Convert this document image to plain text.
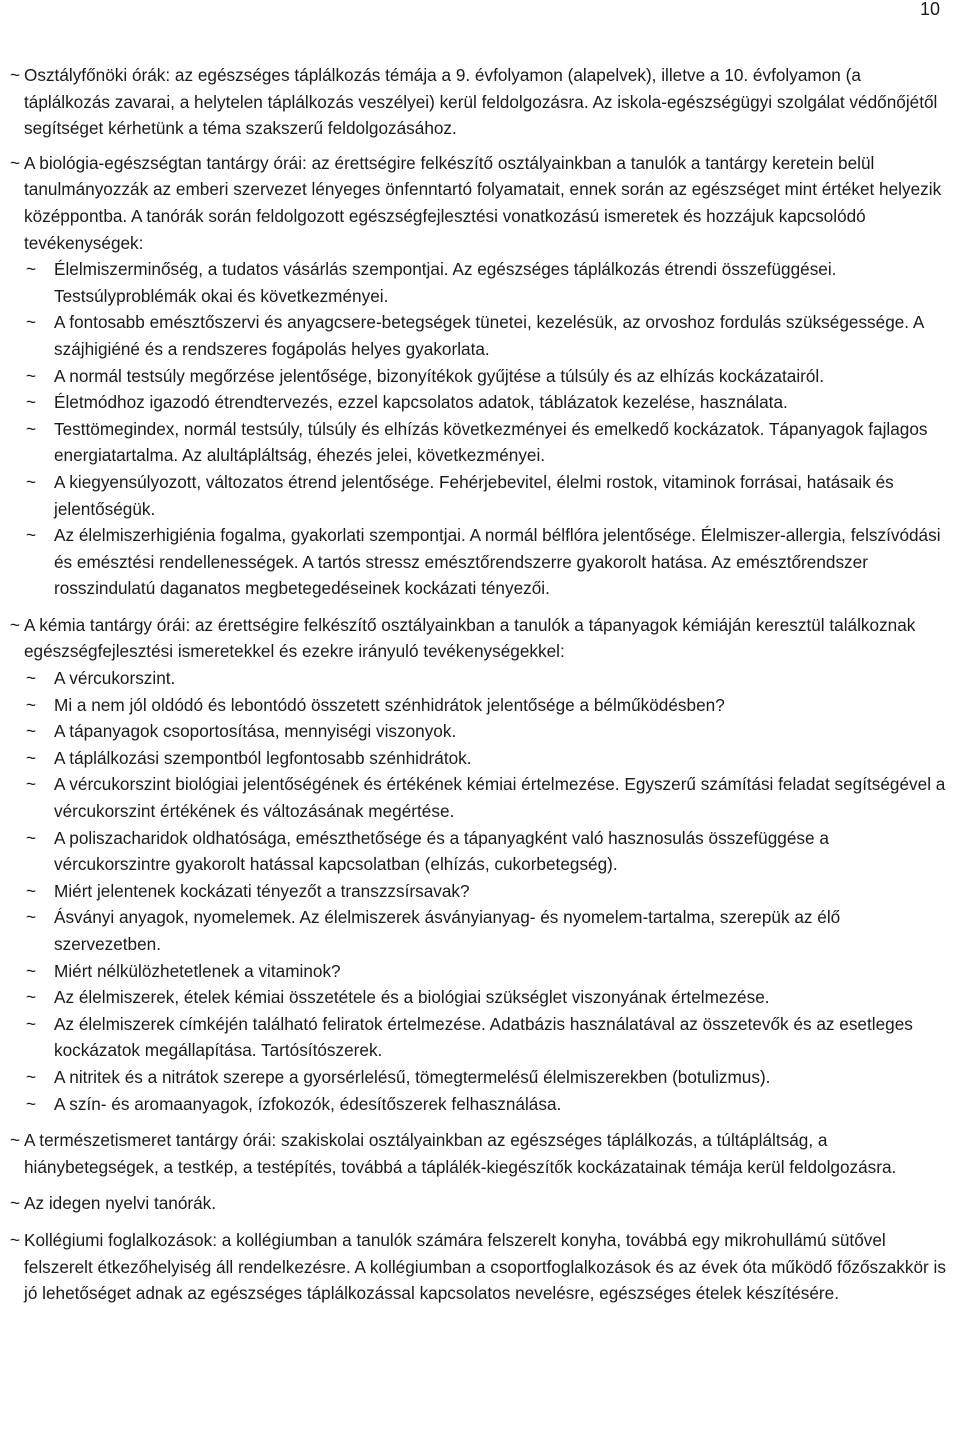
10
~ Osztályfőnöki órák: az egészséges táplálkozás témája a 9. évfolyamon (alapelvek), illetve a 10. évfolyamon (a táplálkozás zavarai, a helytelen táplálkozás veszélyei) kerül feldolgozásra. Az iskola-egészségügyi szolgálat védőnőjétől segítséget kérhetünk a téma szakszerű feldolgozásához.
~ A biológia-egészségtan tantárgy órái: az érettségire felkészítő osztályainkban a tanulók a tantárgy keretein belül tanulmányozzák az emberi szervezet lényeges önfenntartó folyamatait, ennek során az egészséget mint értéket helyezik középpontba. A tanórák során feldolgozott egészségfejlesztési vonatkozású ismeretek és hozzájuk kapcsolódó tevékenységek:
~ Élelmiszerminőség, a tudatos vásárlás szempontjai. Az egészséges táplálkozás étrendi összefüggései. Testsúlyproblémák okai és következményei.
~ A fontosabb emésztőszervi és anyagcsere-betegségek tünetei, kezelésük, az orvoshoz fordulás szükségessége. A szájhigiéné és a rendszeres fogápolás helyes gyakorlata.
~ A normál testsúly megőrzése jelentősége, bizonyítékok gyűjtése a túlsúly és az elhízás kockázatairól.
~ Életmódhoz igazodó étrendtervezés, ezzel kapcsolatos adatok, táblázatok kezelése, használata.
~ Testtömegindex, normál testsúly, túlsúly és elhízás következményei és emelkedő kockázatok. Tápanyagok fajlagos energiatartalma. Az alultápláltság, éhezés jelei, következményei.
~ A kiegyensúlyozott, változatos étrend jelentősége. Fehérjebevitel, élelmi rostok, vitaminok forrásai, hatásaik és jelentőségük.
~ Az élelmiszerhigiénia fogalma, gyakorlati szempontjai. A normál bélflóra jelentősége. Élelmiszer-allergia, felszívódási és emésztési rendellenességek. A tartós stressz emésztőrendszerre gyakorolt hatása. Az emésztőrendszer rosszindulatú daganatos megbetegedéseinek kockázati tényezői.
~ A kémia tantárgy órái: az érettségire felkészítő osztályainkban a tanulók a tápanyagok kémiáján keresztül találkoznak egészségfejlesztési ismeretekkel és ezekre irányuló tevékenységekkel:
~ A vércukorszint.
~ Mi a nem jól oldódó és lebontódó összetett szénhidrátok jelentősége a bélműködésben?
~ A tápanyagok csoportosítása, mennyiségi viszonyok.
~ A táplálkozási szempontból legfontosabb szénhidrátok.
~ A vércukorszint biológiai jelentőségének és értékének kémiai értelmezése. Egyszerű számítási feladat segítségével a vércukorszint értékének és változásának megértése.
~ A poliszacharidok oldhatósága, emészthetősége és a tápanyagként való hasznosulás összefüggése a vércukorszintre gyakorolt hatással kapcsolatban (elhízás, cukorbetegség).
~ Miért jelentenek kockázati tényezőt a transzzsírsavak?
~ Ásványi anyagok, nyomelemek. Az élelmiszerek ásványianyag- és nyomelem-tartalma, szerepük az élő szervezetben.
~ Miért nélkülözhetetlenek a vitaminok?
~ Az élelmiszerek, ételek kémiai összetétele és a biológiai szükséglet viszonyának értelmezése.
~ Az élelmiszerek címkéjén található feliratok értelmezése. Adatbázis használatával az összetevők és az esetleges kockázatok megállapítása. Tartósítószerek.
~ A nitritek és a nitrátok szerepe a gyorsérlelésű, tömegtermelésű élelmiszerekben (botulizmus).
~ A szín- és aromaanyagok, ízfokozók, édesítőszerek felhasználása.
~ A természetismeret tantárgy órái: szakiskolai osztályainkban az egészséges táplálkozás, a túltápláltság, a hiánybetegségek, a testkép, a testépítés, továbbá a táplálék-kiegészítők kockázatainak témája kerül feldolgozásra.
~ Az idegen nyelvi tanórák.
~ Kollégiumi foglalkozások: a kollégiumban a tanulók számára felszerelt konyha, továbbá egy mikrohullámú sütővel felszerelt étkezőhelyiség áll rendelkezésre. A kollégiumban a csoportfoglalkozások és az évek óta működő főzőszakkör is jó lehetőséget adnak az egészséges táplálkozással kapcsolatos nevelésre, egészséges ételek készítésére.
